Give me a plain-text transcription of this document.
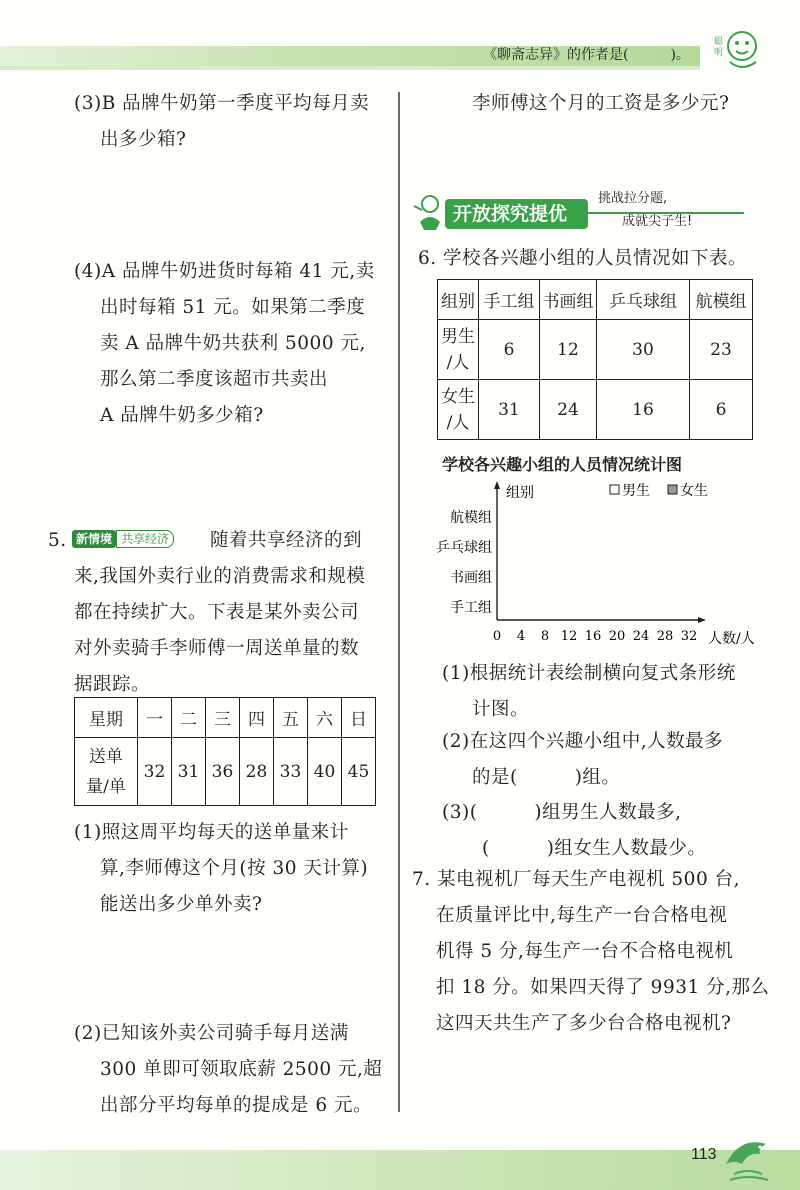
《聊斋志异》的作者是(　　　)。
聪
明
(3)B 品牌牛奶第一季度平均每月卖
出多少箱?
(4)A 品牌牛奶进货时每箱 41 元,卖
出时每箱 51 元。如果第二季度
卖 A 品牌牛奶共获利 5000 元,
那么第二季度该超市共卖出
A 品牌牛奶多少箱?
5. 新情境 共享经济 随着共享经济的到
来,我国外卖行业的消费需求和规模
都在持续扩大。下表是某外卖公司
对外卖骑手李师傅一周送单量的数
据跟踪。
星期	一	二	三	四	五	六	日

送单
量/单	32	31	36	28	33	40	45
(1)照这周平均每天的送单量来计
算,李师傅这个月(按 30 天计算)
能送出多少单外卖?
(2)已知该外卖公司骑手每月送满
300 单即可领取底薪 2500 元,超
出部分平均每单的提成是 6 元。
李师傅这个月的工资是多少元?
开放探究提优
挑战拉分题,
成就尖子生!
6. 学校各兴趣小组的人员情况如下表。
组别	手工组	书画组	乒乓球组	航模组

男生
/人	6	12	30	23

女生
/人	31	24	16	6
学校各兴趣小组的人员情况统计图
组别
人数/人
男生 女生
航模组
乒乓球组
书画组
手工组
0 4 8 12 16 20 24 28 32
(1)根据统计表绘制横向复式条形统
计图。
(2)在这四个兴趣小组中,人数最多
的是(　　　)组。
(3)(　　　)组男生人数最多,
(　　　)组女生人数最少。
7. 某电视机厂每天生产电视机 500 台,
在质量评比中,每生产一台合格电视
机得 5 分,每生产一台不合格电视机
扣 18 分。如果四天得了 9931 分,那么
这四天共生产了多少台合格电视机?
113
